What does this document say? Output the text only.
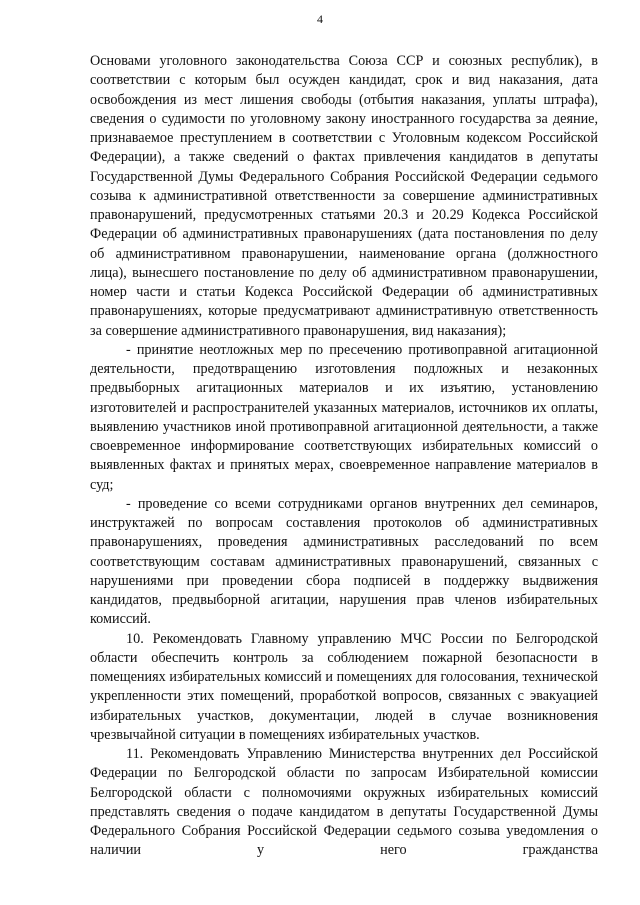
4

Основами уголовного законодательства Союза ССР и союзных республик), в соответствии с которым был осужден кандидат, срок и вид наказания, дата освобождения из мест лишения свободы (отбытия наказания, уплаты штрафа), сведения о судимости по уголовному закону иностранного государства за деяние, признаваемое преступлением в соответствии с Уголовным кодексом Российской Федерации), а также сведений о фактах привлечения кандидатов в депутаты Государственной Думы Федерального Собрания Российской Федерации седьмого созыва к административной ответственности за совершение административных правонарушений, предусмотренных статьями 20.3 и 20.29 Кодекса Российской Федерации об административных правонарушениях (дата постановления по делу об административном правонарушении, наименование органа (должностного лица), вынесшего постановление по делу об административном правонарушении, номер части и статьи Кодекса Российской Федерации об административных правонарушениях, которые предусматривают административную ответственность за совершение административного правонарушения, вид наказания);

- принятие неотложных мер по пресечению противоправной агитационной деятельности, предотвращению изготовления подложных и незаконных предвыборных агитационных материалов и их изъятию, установлению изготовителей и распространителей указанных материалов, источников их оплаты, выявлению участников иной противоправной агитационной деятельности, а также своевременное информирование соответствующих избирательных комиссий о выявленных фактах и принятых мерах, своевременное направление материалов в суд;

- проведение со всеми сотрудниками органов внутренних дел семинаров, инструктажей по вопросам составления протоколов об административных правонарушениях, проведения административных расследований по всем соответствующим составам административных правонарушений, связанных с нарушениями при проведении сбора подписей в поддержку выдвижения кандидатов, предвыборной агитации, нарушения прав членов избирательных комиссий.

10. Рекомендовать Главному управлению МЧС России по Белгородской области обеспечить контроль за соблюдением пожарной безопасности в помещениях избирательных комиссий и помещениях для голосования, технической укрепленности этих помещений, проработкой вопросов, связанных с эвакуацией избирательных участков, документации, людей в случае возникновения чрезвычайной ситуации в помещениях избирательных участков.

11. Рекомендовать Управлению Министерства внутренних дел Российской Федерации по Белгородской области по запросам Избирательной комиссии Белгородской области с полномочиями окружных избирательных комиссий представлять сведения о подаче кандидатом в депутаты Государственной Думы Федерального Собрания Российской Федерации седьмого созыва уведомления о наличии у него гражданства
